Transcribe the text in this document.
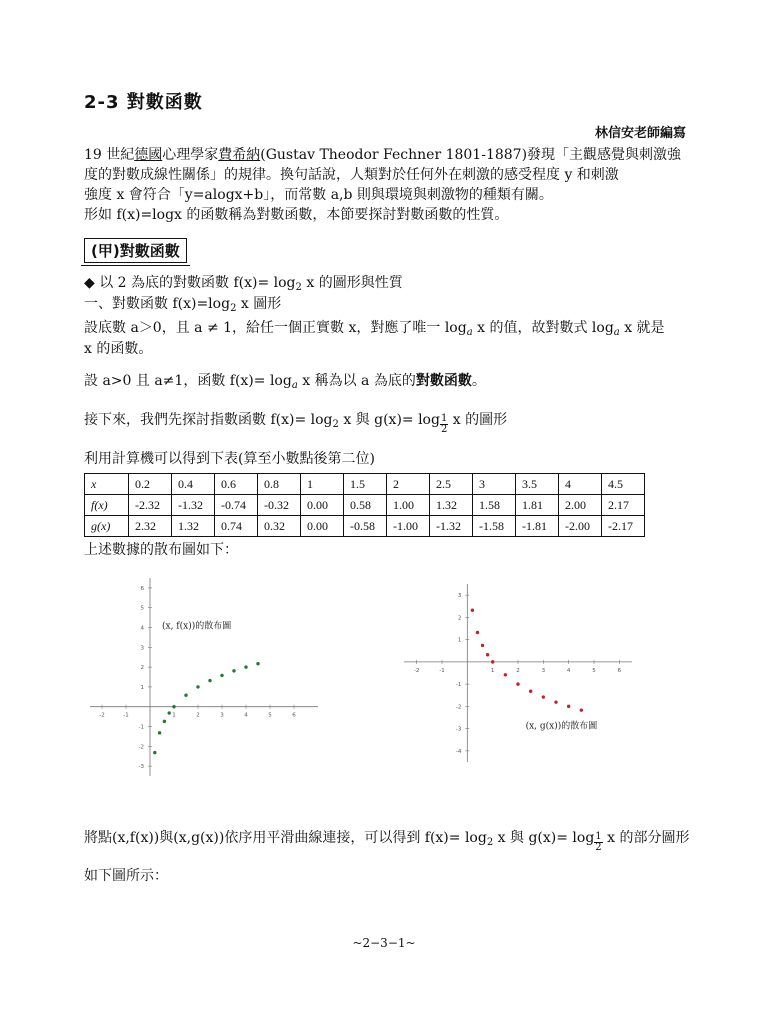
2-3 對數函數
林信安老師編寫
19 世紀德國心理學家費希納(Gustav Theodor Fechner 1801-1887)發現「主觀感覺與刺激強
度的對數成線性關係」的規律。換句話說，人類對於任何外在刺激的感受程度 y 和刺激
強度 x 會符合「y=alogx+b」，而常數 a,b 則與環境與刺激物的種類有關。
形如 f(x)=logx 的函數稱為對數函數，本節要探討對數函數的性質。
(甲)對數函數
◆ 以 2 為底的對數函數 $f(x)= \log_2 x$ 的圖形與性質
一、對數函數 $f(x)=\log_2$ x 圖形
設底數 a＞0，且 a ≠ 1，給任一個正實數 x，對應了唯一 $\log_a x$ 的值，故對數式 $\log_a x$ 就是
x 的函數。
設 a>0 且 a≠1，函數 $f(x)= \log_a x$ 稱為以 a 為底的對數函數。
接下來，我們先探討指數函數 $f(x)= \log_2 x$ 與 $g(x)= \log \frac{1}{2}$ x 的圖形
利用計算機可以得到下表(算至小數點後第二位)
x	0.2	0.4	0.6	0.8	1	1.5	2	2.5	3	3.5	4	4.5
f(x)	-2.32	-1.32	-0.74	-0.32	0.00	0.58	1.00	1.32	1.58	1.81	2.00	2.17
g(x)	2.32	1.32	0.74	0.32	0.00	-0.58	-1.00	-1.32	-1.58	-1.81	-2.00	-2.17
上述數據的散布圖如下：
-2	-1	1	2	3	4	5	6
-3
-2
-1
1
2
3
4
5
6
(x, f(x))的散布圖
-2	-1	1	2	3	4	5	6
-4
-3
-2
-1
1
2
3
(x, g(x))的散布圖
將點(x,f(x))與(x,g(x))依序用平滑曲線連接，可以得到 $f(x)= \log_2 x$ 與 $g(x)= \log \frac{1}{2}$ x 的部分圖形
如下圖所示：
~2−3−1~
